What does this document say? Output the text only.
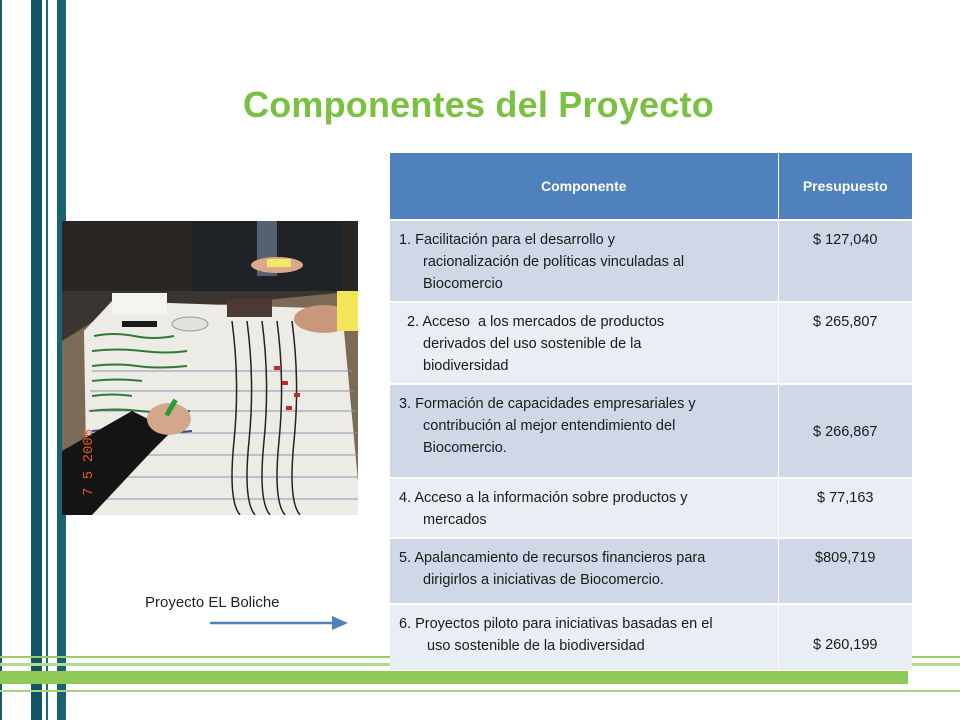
Componentes del Proyecto
7 5 2006
Proyecto EL Boliche
Componente	Presupuesto

1. Facilitación para el desarrollo y
racionalización de políticas vinculadas al
Biocomercio	$ 127,040

2. Acceso  a los mercados de productos
derivados del uso sostenible de la
biodiversidad	$ 265,807

3. Formación de capacidades empresariales y
contribución al mejor entendimiento del
Biocomercio.	$ 266,867

4. Acceso a la información sobre productos y
mercados	$ 77,163

5. Apalancamiento de recursos financieros para
dirigirlos a iniciativas de Biocomercio.	$809,719

6. Proyectos piloto para iniciativas basadas en el
uso sostenible de la biodiversidad	$ 260,199
